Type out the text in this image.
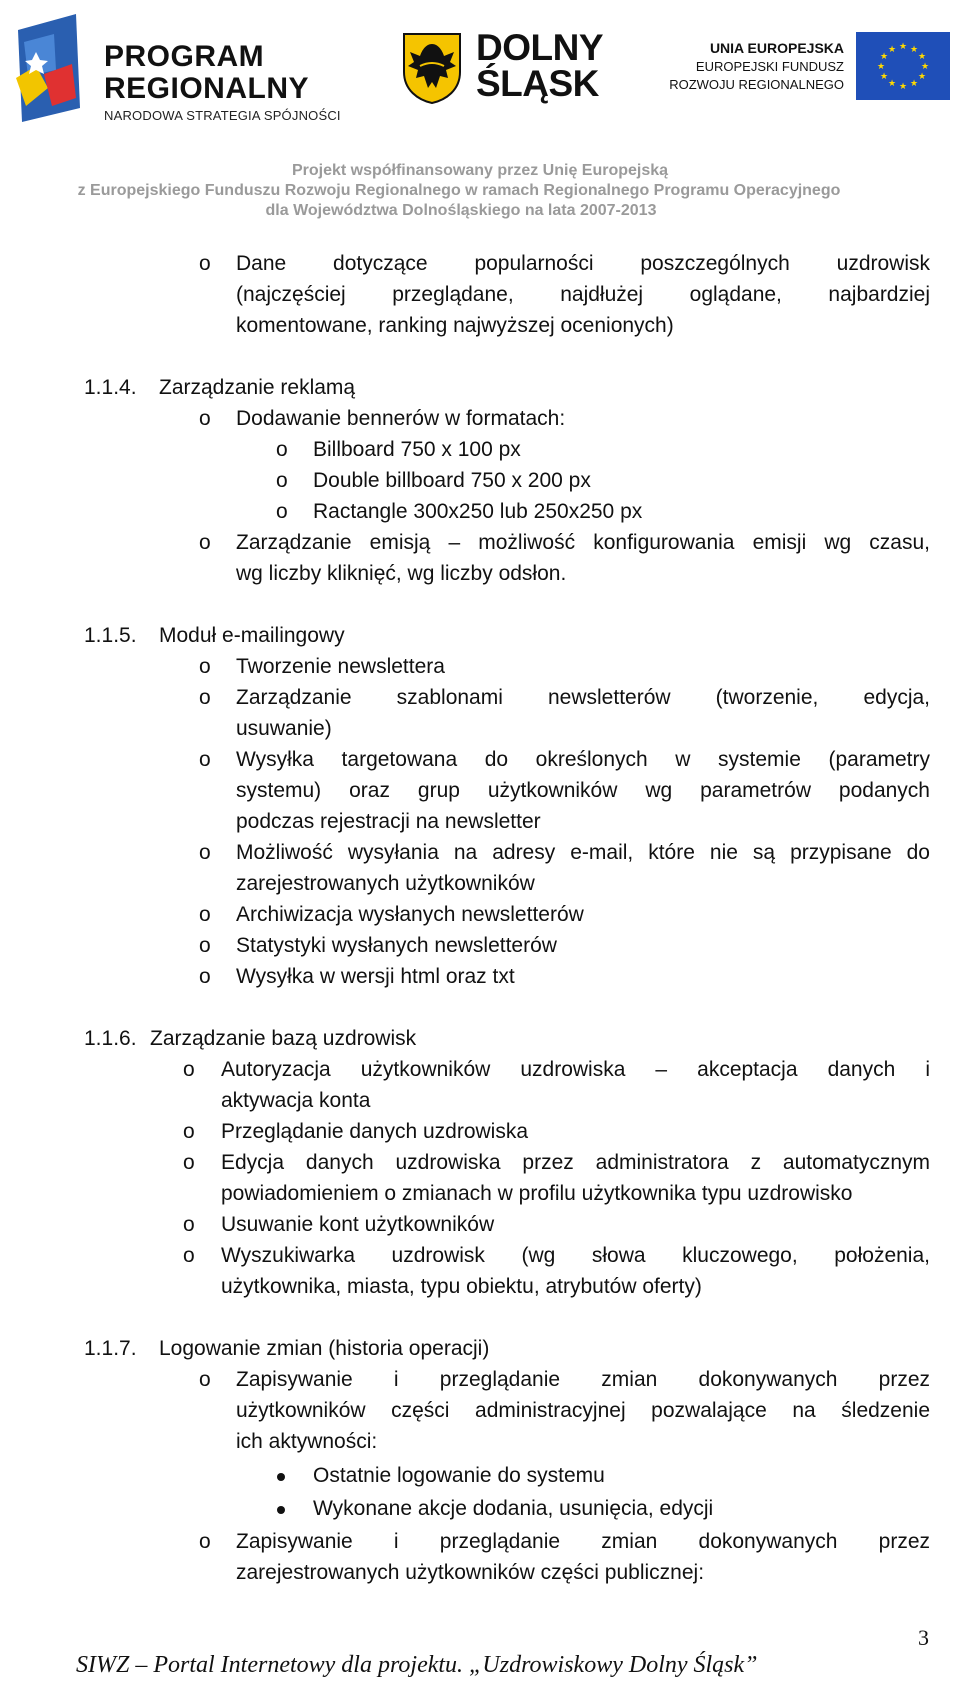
PROGRAM
REGIONALNY
NARODOWA STRATEGIA SPÓJNOŚCI
DOLNY
ŚLĄSK
UNIA EUROPEJSKA
EUROPEJSKI FUNDUSZ
ROZWOJU REGIONALNEGO
★ ★
★
★
★
★
★
★
★
★
★
★
Projekt współfinansowany przez Unię Europejską
z Europejskiego Funduszu Rozwoju Regionalnego w ramach Regionalnego Programu Operacyjnego
dla Województwa Dolnośląskiego na lata 2007-2013
o Dane dotyczące popularności poszczególnych uzdrowisk
(najczęściej przeglądane, najdłużej oglądane, najbardziej
komentowane, ranking najwyższej ocenionych)
1.1.4. Zarządzanie reklamą
o Dodawanie bennerów w formatach:
o Billboard 750 x 100 px
o Double billboard 750 x 200 px
o Ractangle 300x250 lub 250x250 px
o Zarządzanie emisją – możliwość konfigurowania emisji wg czasu,
wg liczby kliknięć, wg liczby odsłon.
1.1.5. Moduł e-mailingowy
o Tworzenie newslettera
o Zarządzanie szablonami newsletterów (tworzenie, edycja,
usuwanie)
o Wysyłka targetowana do określonych w systemie (parametry
systemu) oraz grup użytkowników wg parametrów podanych
podczas rejestracji na newsletter
o Możliwość wysyłania na adresy e-mail, które nie są przypisane do
zarejestrowanych użytkowników
o Archiwizacja wysłanych newsletterów
o Statystyki wysłanych newsletterów
o Wysyłka w wersji html oraz txt
1.1.6. Zarządzanie bazą uzdrowisk
o Autoryzacja użytkowników uzdrowiska – akceptacja danych i
aktywacja konta
o Przeglądanie danych uzdrowiska
o Edycja danych uzdrowiska przez administratora z automatycznym
powiadomieniem o zmianach w profilu użytkownika typu uzdrowisko
o Usuwanie kont użytkowników
o Wyszukiwarka uzdrowisk (wg słowa kluczowego, położenia,
użytkownika, miasta, typu obiektu, atrybutów oferty)
1.1.7. Logowanie zmian (historia operacji)
o Zapisywanie i przeglądanie zmian dokonywanych przez
użytkowników części administracyjnej pozwalające na śledzenie
ich aktywności:
Ostatnie logowanie do systemu
Wykonane akcje dodania, usunięcia, edycji
o Zapisywanie i przeglądanie zmian dokonywanych przez
zarejestrowanych użytkowników części publicznej:
3
SIWZ – Portal Internetowy dla projektu. „Uzdrowiskowy Dolny Śląsk”
